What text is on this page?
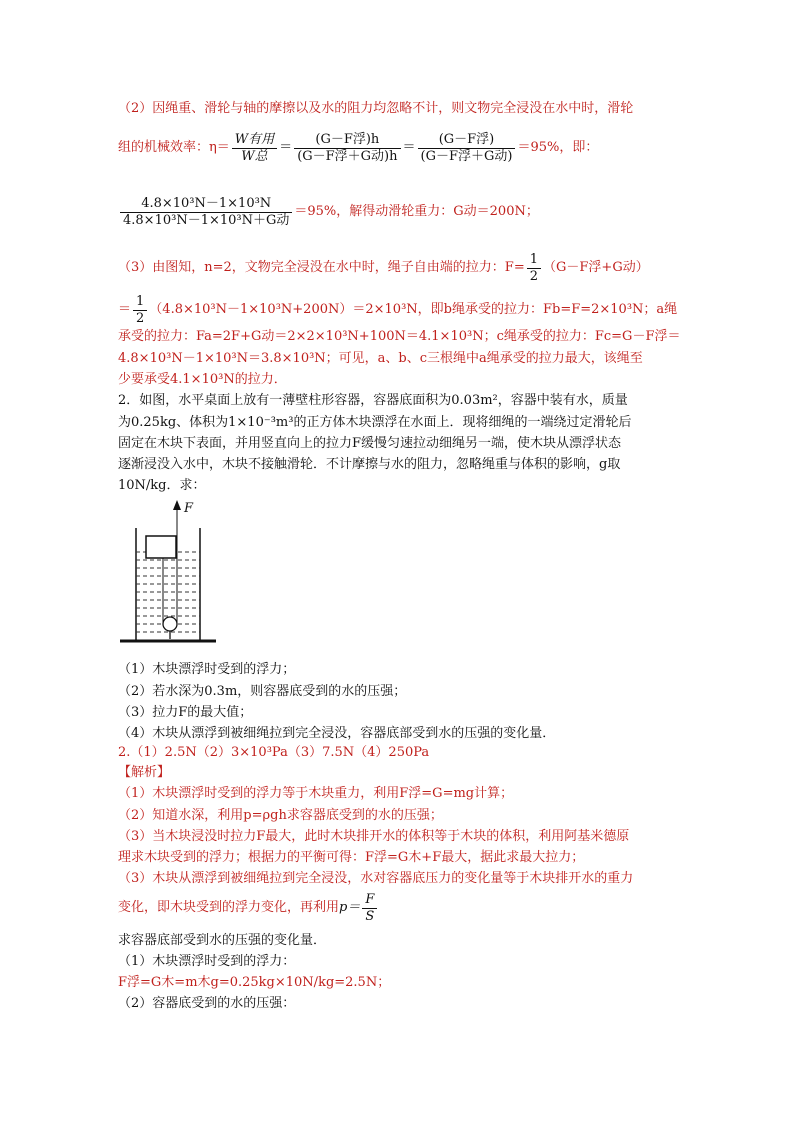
（2）因绳重、滑轮与轴的摩擦以及水的阻力均忽略不计，则文物完全浸没在水中时，滑轮
组的机械效率：$\eta= \frac{\text{W有用}}{\text{W总}} = \frac{\text{(G－F浮)h}}{\text{(G－F浮＋G动)h}} = \frac{\text{(G－F浮)}}{\text{(G－F浮＋G动)}} =95\%$，即：
$\frac{\text{4.8×10³N－1×10³N}}{\text{4.8×10³N－1×10³N＋G动}} =95\%$，解得动滑轮重力：G动＝200N；
（3）由图知，n=2，文物完全浸没在水中时，绳子自由端的拉力：$F= \frac{1}{2} (G-F$浮+G动）
＝ $\frac{1}{2} (4.8\times 10^3N-1\times 10^3N+200N)=2\times 10^3N$，即b绳承受的拉力：Fb=F=2×10³N；a绳
承受的拉力：Fa=2F+G动＝2×2×10³N+100N＝4.1×10³N；c绳承受的拉力：Fc=G－F浮＝
4.8×10³N－1×10³N＝3.8×10³N；可见，a、b、c三根绳中a绳承受的拉力最大，该绳至
少要承受4.1×10³N的拉力．
2．如图，水平桌面上放有一薄壁柱形容器，容器底面积为0.03m²，容器中装有水，质量
为0.25kg、体积为1×10⁻³m³的正方体木块漂浮在水面上．现将细绳的一端绕过定滑轮后
固定在木块下表面，并用竖直向上的拉力F缓慢匀速拉动细绳另一端，使木块从漂浮状态
逐渐浸没入水中，木块不接触滑轮．不计摩擦与水的阻力，忽略绳重与体积的影响，g取
10N/kg．求：
F
（1）木块漂浮时受到的浮力；
（2）若水深为0.3m，则容器底受到的水的压强；
（3）拉力F的最大值；
（4）木块从漂浮到被细绳拉到完全浸没，容器底部受到水的压强的变化量．
2.（1）2.5N（2）3×10³Pa（3）7.5N（4）250Pa
【解析】
（1）木块漂浮时受到的浮力等于木块重力，利用F浮=G=mg计算；
（2）知道水深，利用p=ρgh求容器底受到的水的压强；
（3）当木块浸没时拉力F最大，此时木块排开水的体积等于木块的体积，利用阿基米德原
理求木块受到的浮力；根据力的平衡可得：F浮=G木+F最大，据此求最大拉力；
（3）木块从漂浮到被细绳拉到完全浸没，水对容器底压力的变化量等于木块排开水的重力
变化，即木块受到的浮力变化，再利用$p= \frac{F}{S}$
求容器底部受到水的压强的变化量．
（1）木块漂浮时受到的浮力：
F浮=G木=m木g=0.25kg×10N/kg=2.5N；
（2）容器底受到的水的压强：
